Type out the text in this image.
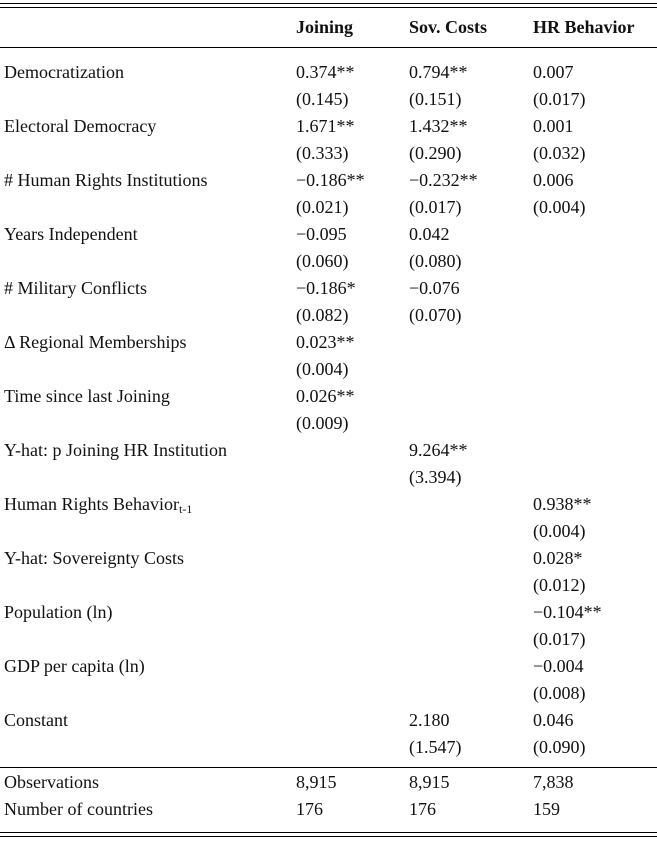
	Joining	Sov. Costs	HR Behavior

Democratization	0.374**	0.794**	0.007
	(0.145)	(0.151)	(0.017)
Electoral Democracy	1.671**	1.432**	0.001
	(0.333)	(0.290)	(0.032)
# Human Rights Institutions	−0.186**	−0.232**	0.006
	(0.021)	(0.017)	(0.004)
Years Independent	−0.095	0.042	
	(0.060)	(0.080)	
# Military Conflicts	−0.186*	−0.076	
	(0.082)	(0.070)	
Δ Regional Memberships	0.023**		
	(0.004)		
Time since last Joining	0.026**		
	(0.009)		
Y-hat: p Joining HR Institution		9.264**	
		(3.394)	
Human Rights Behavior$_{t-1}$			0.938**
			(0.004)
Y-hat: Sovereignty Costs			0.028*
			(0.012)
Population (ln)			−0.104**
			(0.017)
GDP per capita (ln)			−0.004
			(0.008)
Constant		2.180	0.046
		(1.547)	(0.090)

Observations	8,915	8,915	7,838
Number of countries	176	176	159
